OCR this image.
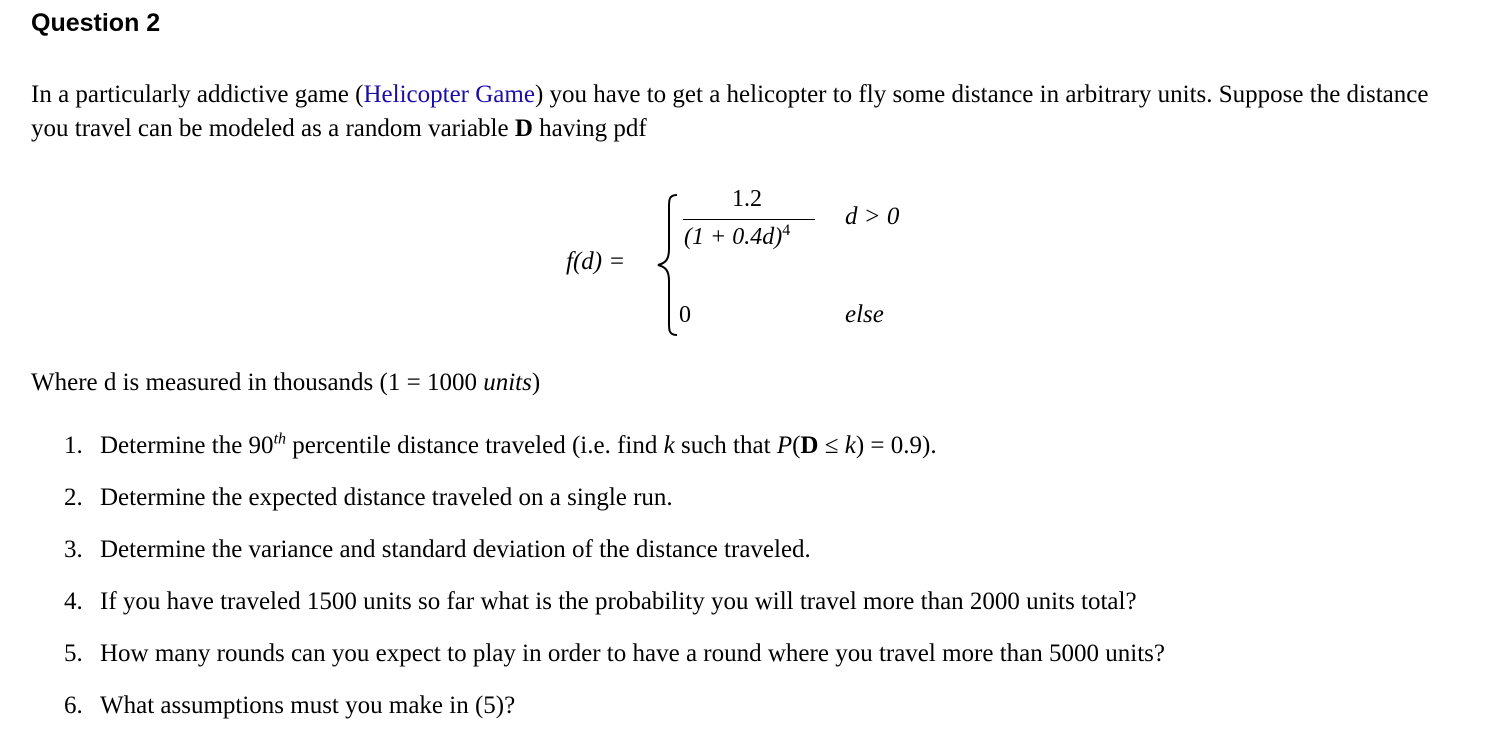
Question 2

In a particularly addictive game (Helicopter Game) you have to get a helicopter to fly some distance in arbitrary units. Suppose the distance you travel can be modeled as a random variable D having pdf

f(d) =
1.2
$(1 + 0.4d)^4$
d > 0
0	else

Where d is measured in thousands (1 = 1000 units)

1. Determine the 90th percentile distance traveled (i.e. find k such that P(D ≤ k) = 0.9).
2. Determine the expected distance traveled on a single run.
3. Determine the variance and standard deviation of the distance traveled.
4. If you have traveled 1500 units so far what is the probability you will travel more than 2000 units total?
5. How many rounds can you expect to play in order to have a round where you travel more than 5000 units?
6. What assumptions must you make in (5)?
